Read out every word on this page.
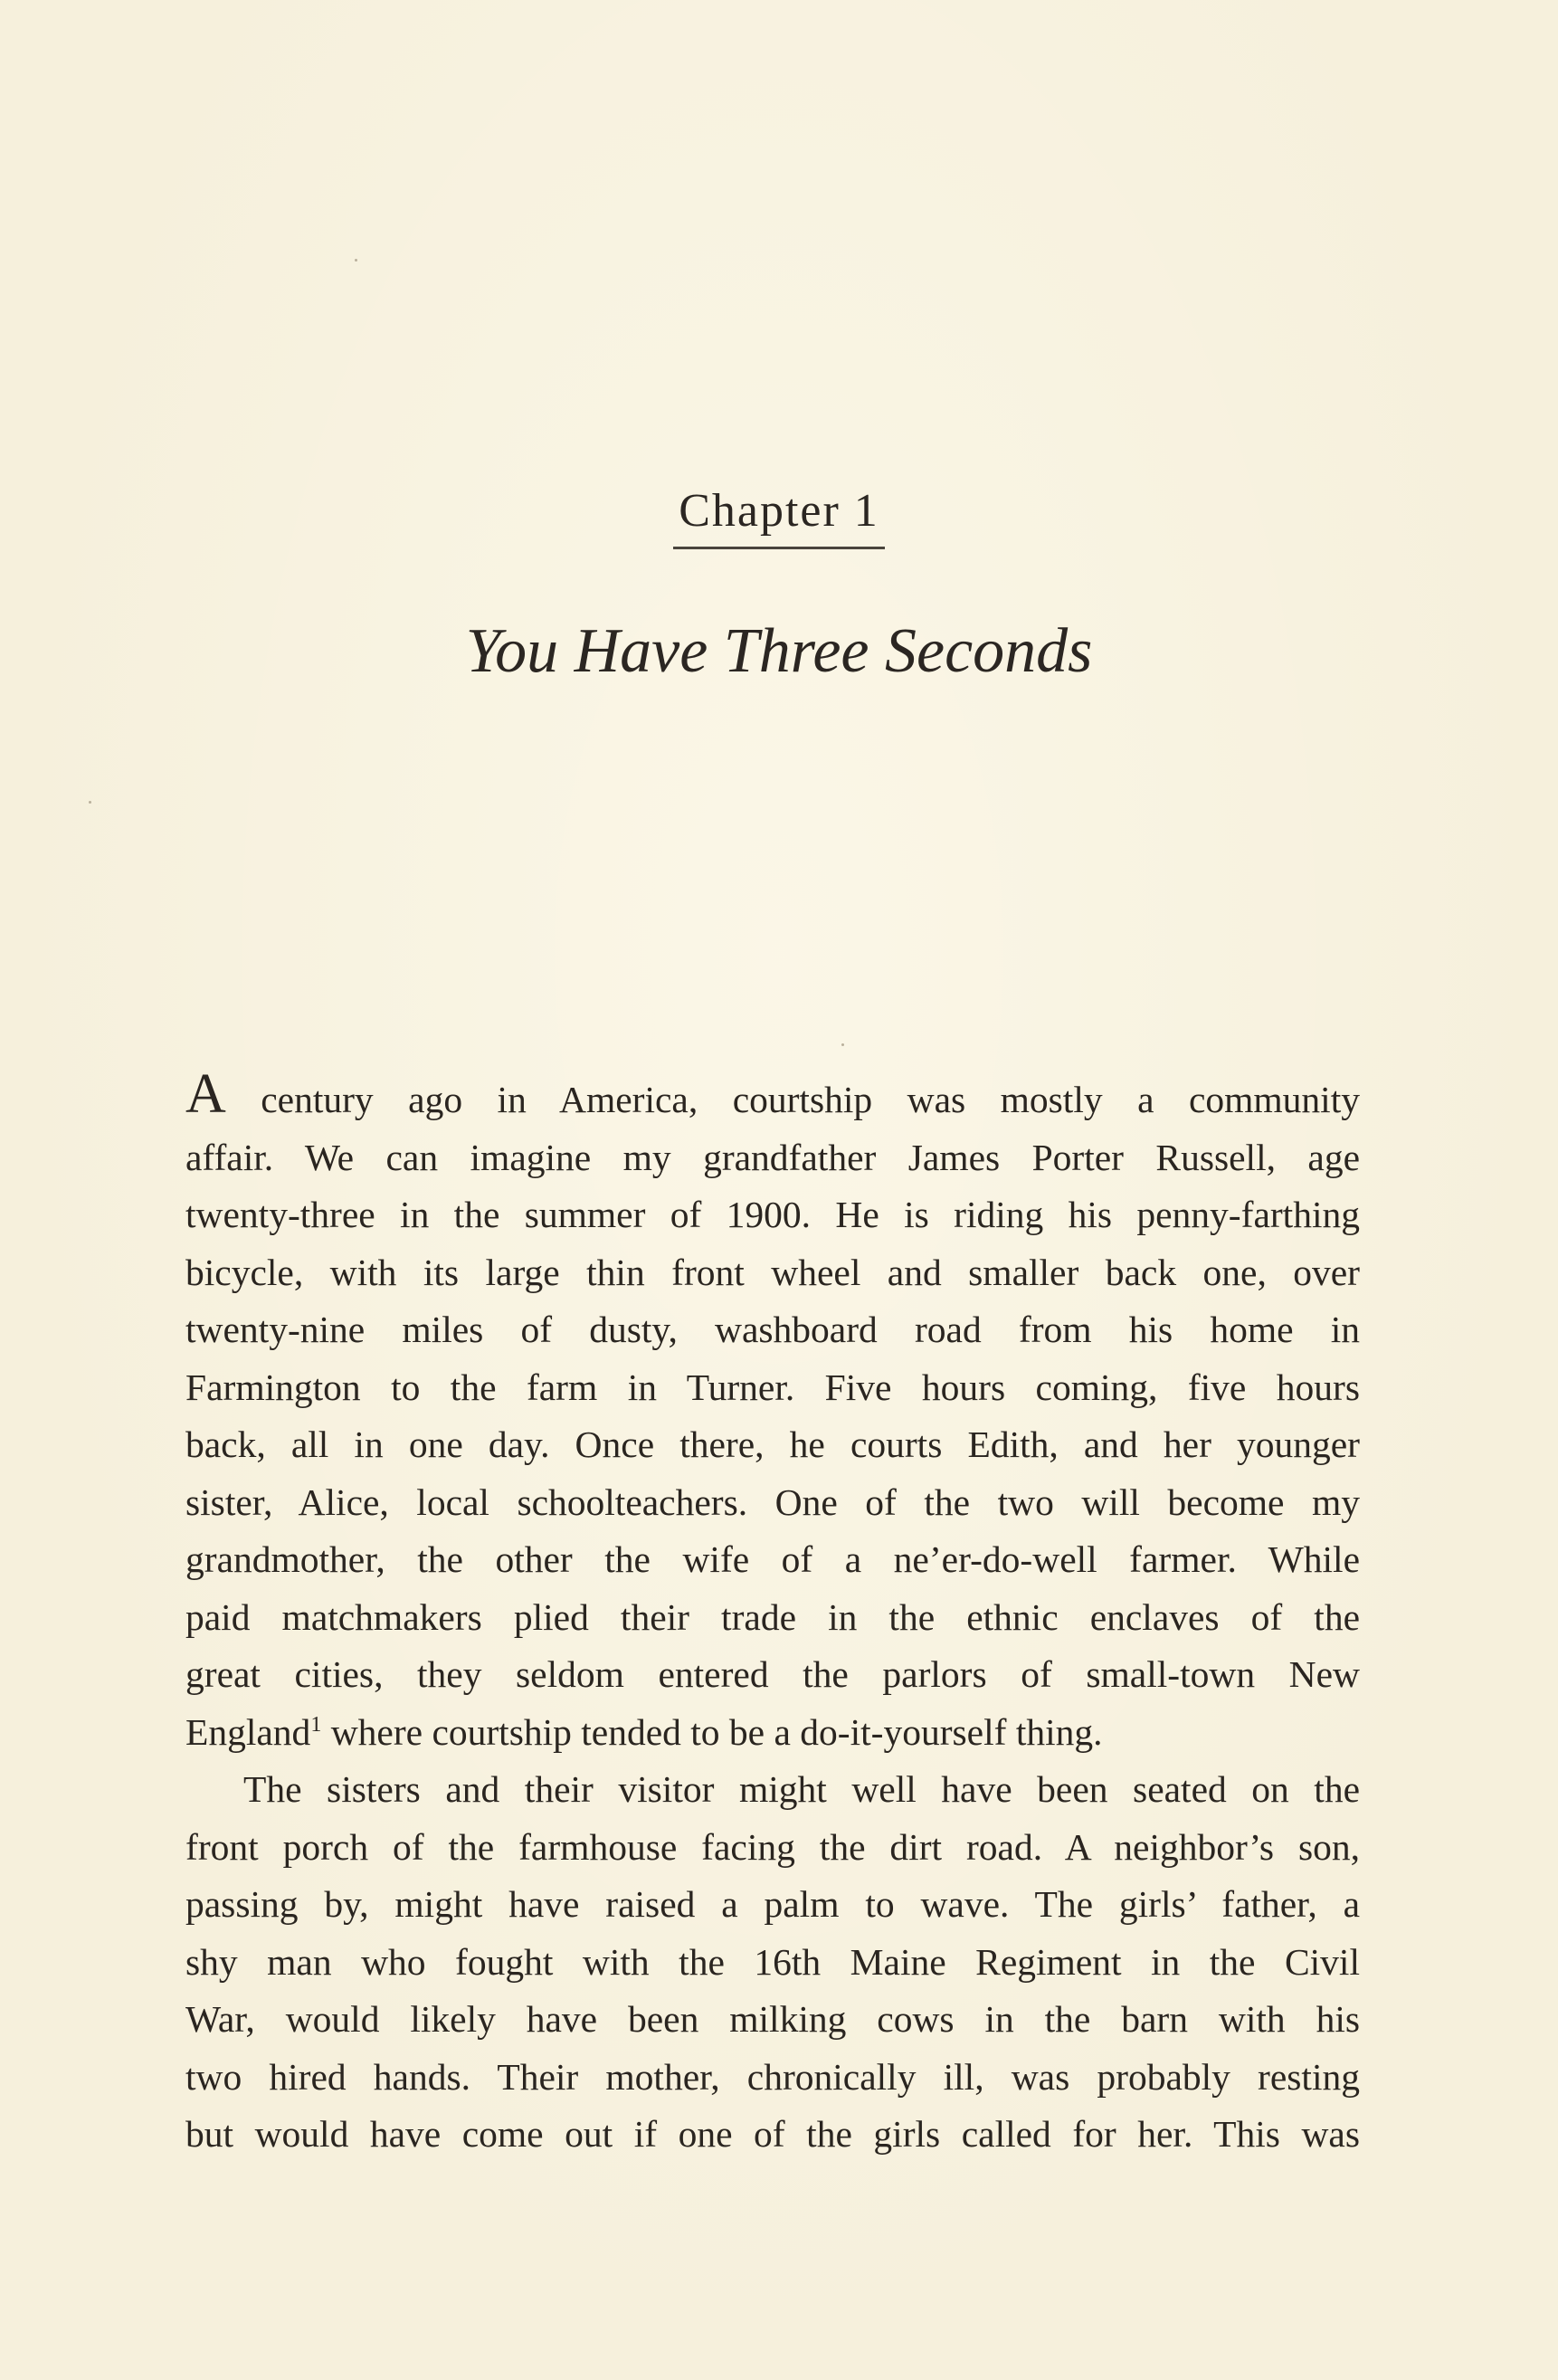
Chapter 1
You Have Three Seconds

A century ago in America, courtship was mostly a community
affair. We can imagine my grandfather James Porter Russell, age
twenty-three in the summer of 1900. He is riding his penny-farthing
bicycle, with its large thin front wheel and smaller back one, over
twenty-nine miles of dusty, washboard road from his home in
Farmington to the farm in Turner. Five hours coming, five hours
back, all in one day. Once there, he courts Edith, and her younger
sister, Alice, local schoolteachers. One of the two will become my
grandmother, the other the wife of a ne’er-do-well farmer. While
paid matchmakers plied their trade in the ethnic enclaves of the
great cities, they seldom entered the parlors of small-town New
England$^1$ where courtship tended to be a do-it-yourself thing.

The sisters and their visitor might well have been seated on the
front porch of the farmhouse facing the dirt road. A neighbor’s son,
passing by, might have raised a palm to wave. The girls’ father, a
shy man who fought with the 16th Maine Regiment in the Civil
War, would likely have been milking cows in the barn with his
two hired hands. Their mother, chronically ill, was probably resting
but would have come out if one of the girls called for her. This was
